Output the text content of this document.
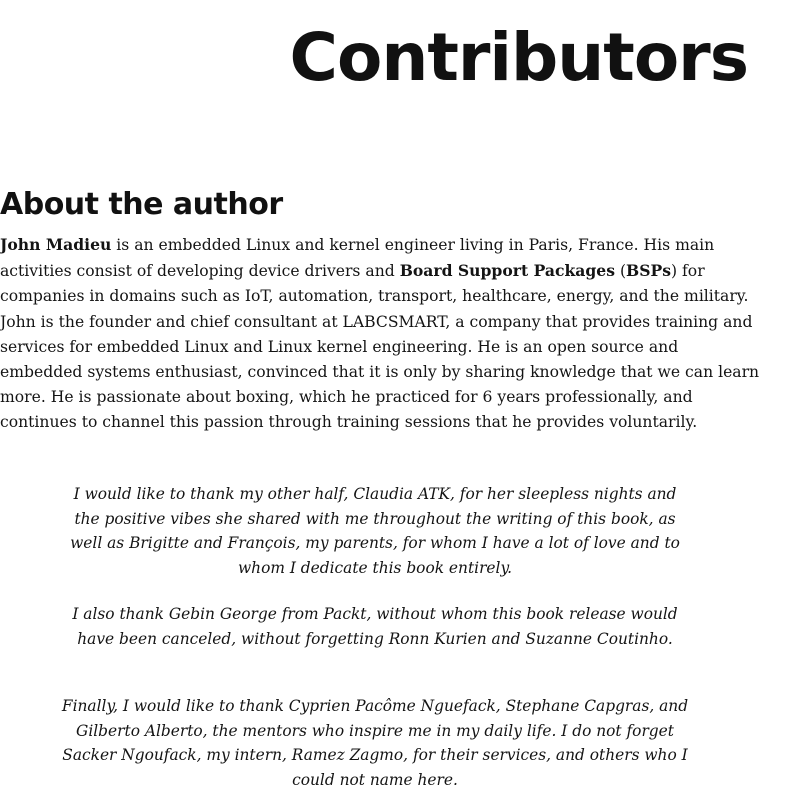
Contributors
About the author

John Madieu is an embedded Linux and kernel engineer living in Paris, France. His main activities consist of developing device drivers and Board Support Packages (BSPs) for companies in domains such as IoT, automation, transport, healthcare, energy, and the military. John is the founder and chief consultant at LABCSMART, a company that provides training and services for embedded Linux and Linux kernel engineering. He is an open source and embedded systems enthusiast, convinced that it is only by sharing knowledge that we can learn more. He is passionate about boxing, which he practiced for 6 years professionally, and continues to channel this passion through training sessions that he provides voluntarily.

I would like to thank my other half, Claudia ATK, for her sleepless nights and the positive vibes she shared with me throughout the writing of this book, as well as Brigitte and François, my parents, for whom I have a lot of love and to whom I dedicate this book entirely.

I also thank Gebin George from Packt, without whom this book release would have been canceled, without forgetting Ronn Kurien and Suzanne Coutinho.

Finally, I would like to thank Cyprien Pacôme Nguefack, Stephane Capgras, and Gilberto Alberto, the mentors who inspire me in my daily life. I do not forget Sacker Ngoufack, my intern, Ramez Zagmo, for their services, and others who I could not name here.
